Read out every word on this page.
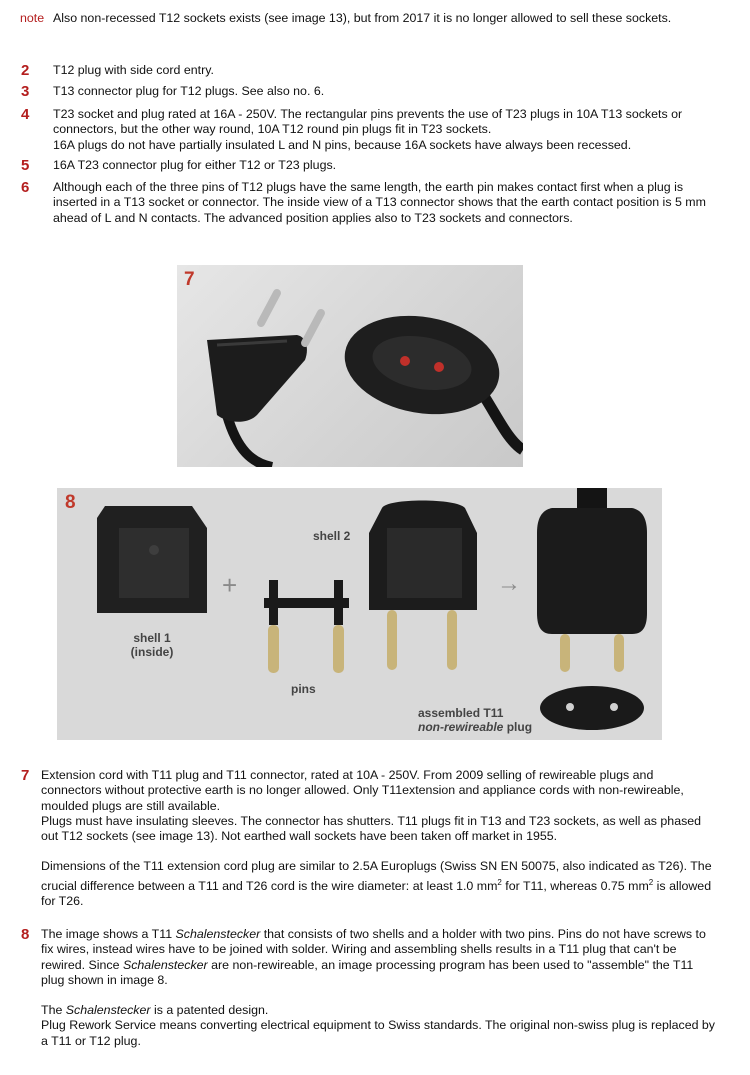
note Also non-recessed T12 sockets exists (see image 13), but from 2017 it is no longer allowed to sell these sockets.
2 T12 plug with side cord entry.
3 T13 connector plug for T12 plugs. See also no. 6.
4 T23 socket and plug rated at 16A - 250V. The rectangular pins prevents the use of T23 plugs in 10A T13 sockets or connectors, but the other way round, 10A T12 round pin plugs fit in T23 sockets.
16A plugs do not have partially insulated L and N pins, because 16A sockets have always been recessed.
5 16A T23 connector plug for either T12 or T23 plugs.
6 Although each of the three pins of T12 plugs have the same length, the earth pin makes contact first when a plug is inserted in a T13 socket or connector. The inside view of a T13 connector shows that the earth contact position is 5 mm ahead of L and N contacts. The advanced position applies also to T23 sockets and connectors.
7
8
+	→
shell 1
(inside)
shell 2
pins
assembled T11
non-rewireable plug
7 Extension cord with T11 plug and T11 connector, rated at 10A - 250V. From 2009 selling of rewireable plugs and connectors without protective earth is no longer allowed. Only T11extension and appliance cords with non-rewireable, moulded plugs are still available.
Plugs must have insulating sleeves. The connector has shutters. T11 plugs fit in T13 and T23 sockets, as well as phased out T12 sockets (see image 13). Not earthed wall sockets have been taken off market in 1955.
Dimensions of the T11 extension cord plug are similar to 2.5A Europlugs (Swiss SN EN 50075, also indicated as T26). The crucial difference between a T11 and T26 cord is the wire diameter: at least 1.0 $mm^2$ for T11, whereas 0.75 $mm^2$ is allowed for T26.
8 The image shows a T11 Schalenstecker that consists of two shells and a holder with two pins. Pins do not have screws to fix wires, instead wires have to be joined with solder. Wiring and assembling shells results in a T11 plug that can't be rewired. Since Schalenstecker are non-rewireable, an image processing program has been used to "assemble" the T11 plug shown in image 8.
The Schalenstecker is a patented design.
Plug Rework Service means converting electrical equipment to Swiss standards. The original non-swiss plug is replaced by a T11 or T12 plug.
